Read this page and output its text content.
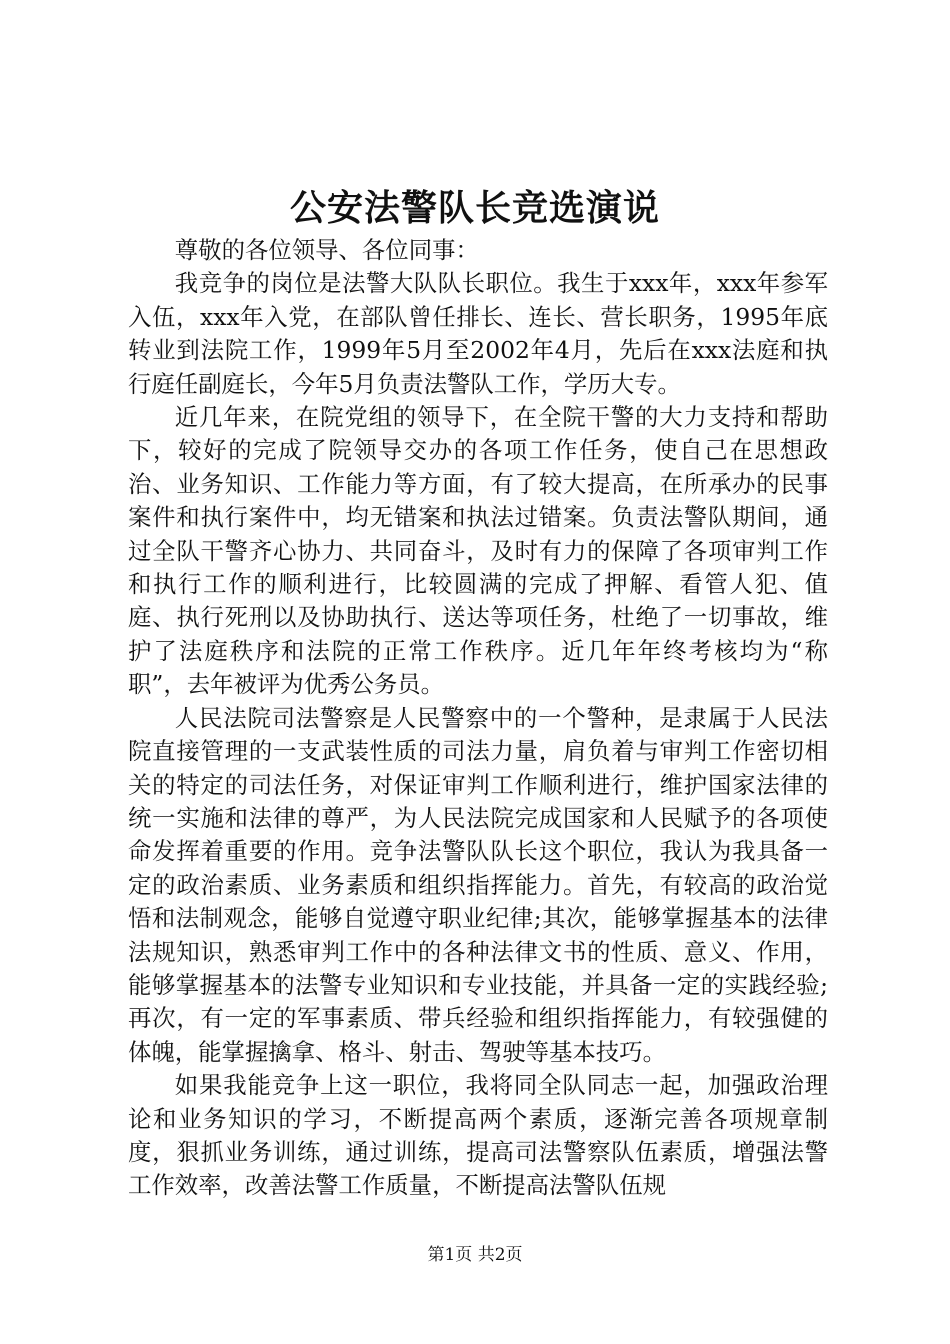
公安法警队长竞选演说

尊敬的各位领导、各位同事：

我竞争的岗位是法警大队队长职位。我生于xxx年，xxx年参军入伍，xxx年入党，在部队曾任排长、连长、营长职务，1995年底转业到法院工作，1999年5月至2002年4月，先后在xxx法庭和执行庭任副庭长，今年5月负责法警队工作，学历大专。

近几年来，在院党组的领导下，在全院干警的大力支持和帮助下，较好的完成了院领导交办的各项工作任务，使自己在思想政治、业务知识、工作能力等方面，有了较大提高，在所承办的民事案件和执行案件中，均无错案和执法过错案。负责法警队期间，通过全队干警齐心协力、共同奋斗，及时有力的保障了各项审判工作和执行工作的顺利进行，比较圆满的完成了押解、看管人犯、值庭、执行死刑以及协助执行、送达等项任务，杜绝了一切事故，维护了法庭秩序和法院的正常工作秩序。近几年年终考核均为“称职”，去年被评为优秀公务员。

人民法院司法警察是人民警察中的一个警种，是隶属于人民法院直接管理的一支武装性质的司法力量，肩负着与审判工作密切相关的特定的司法任务，对保证审判工作顺利进行，维护国家法律的统一实施和法律的尊严，为人民法院完成国家和人民赋予的各项使命发挥着重要的作用。竞争法警队队长这个职位，我认为我具备一定的政治素质、业务素质和组织指挥能力。首先，有较高的政治觉悟和法制观念，能够自觉遵守职业纪律;其次，能够掌握基本的法律法规知识，熟悉审判工作中的各种法律文书的性质、意义、作用，能够掌握基本的法警专业知识和专业技能，并具备一定的实践经验;再次，有一定的军事素质、带兵经验和组织指挥能力，有较强健的体魄，能掌握擒拿、格斗、射击、驾驶等基本技巧。

如果我能竞争上这一职位，我将同全队同志一起，加强政治理论和业务知识的学习，不断提高两个素质，逐渐完善各项规章制度，狠抓业务训练，通过训练，提高司法警察队伍素质，增强法警工作效率，改善法警工作质量，不断提高法警队伍规

第1页 共2页
